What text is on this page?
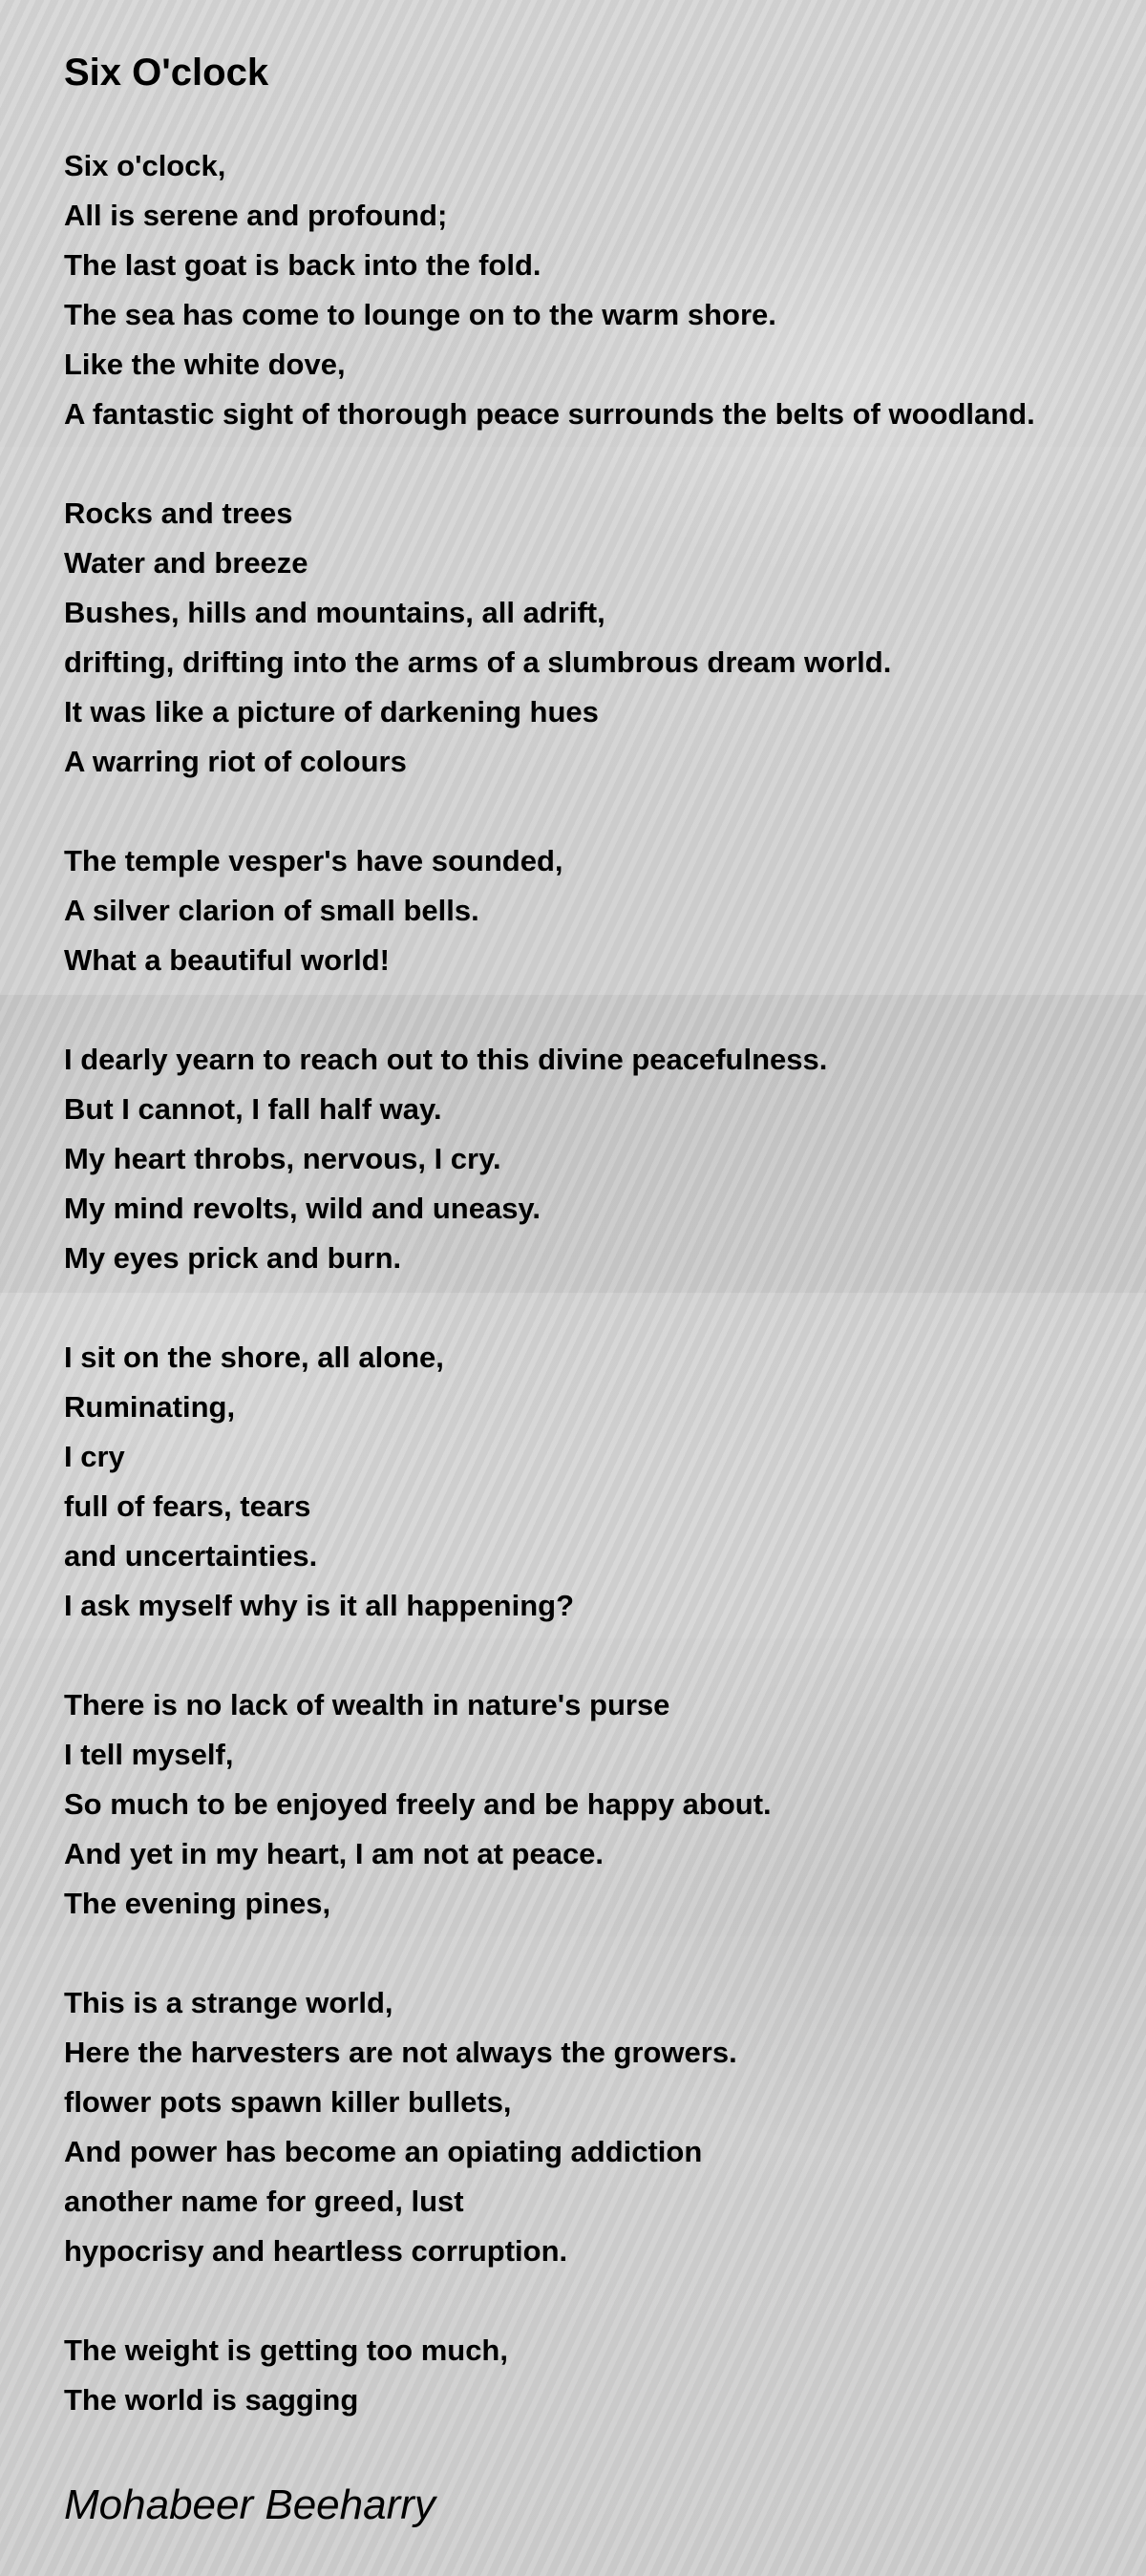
Six O'clock
Six o'clock,
All is serene and profound;
The last goat is back into the fold.
The sea has come to lounge on to the warm shore.
Like the white dove,
A fantastic sight of thorough peace surrounds the belts of woodland.
Rocks and trees
Water and breeze
Bushes, hills and mountains, all adrift,
drifting, drifting into the arms of a slumbrous dream world.
It was like a picture of darkening hues
A warring riot of colours
The temple vesper's have sounded,
A silver clarion of small bells.
What a beautiful world!
I dearly yearn to reach out to this divine peacefulness.
But I cannot, I fall half way.
My heart throbs, nervous, I cry.
My mind revolts, wild and uneasy.
My eyes prick and burn.
I sit on the shore, all alone,
Ruminating,
I cry
full of fears, tears
and uncertainties.
I ask myself why is it all happening?
There is no lack of wealth in nature's purse
I tell myself,
So much to be enjoyed freely and be happy about.
And yet in my heart, I am not at peace.
The evening pines,
This is a strange world,
Here the harvesters are not always the growers.
flower pots spawn killer bullets,
And power has become an opiating addiction
another name for greed, lust
hypocrisy and heartless corruption.
The weight is getting too much,
The world is sagging
Mohabeer Beeharry
